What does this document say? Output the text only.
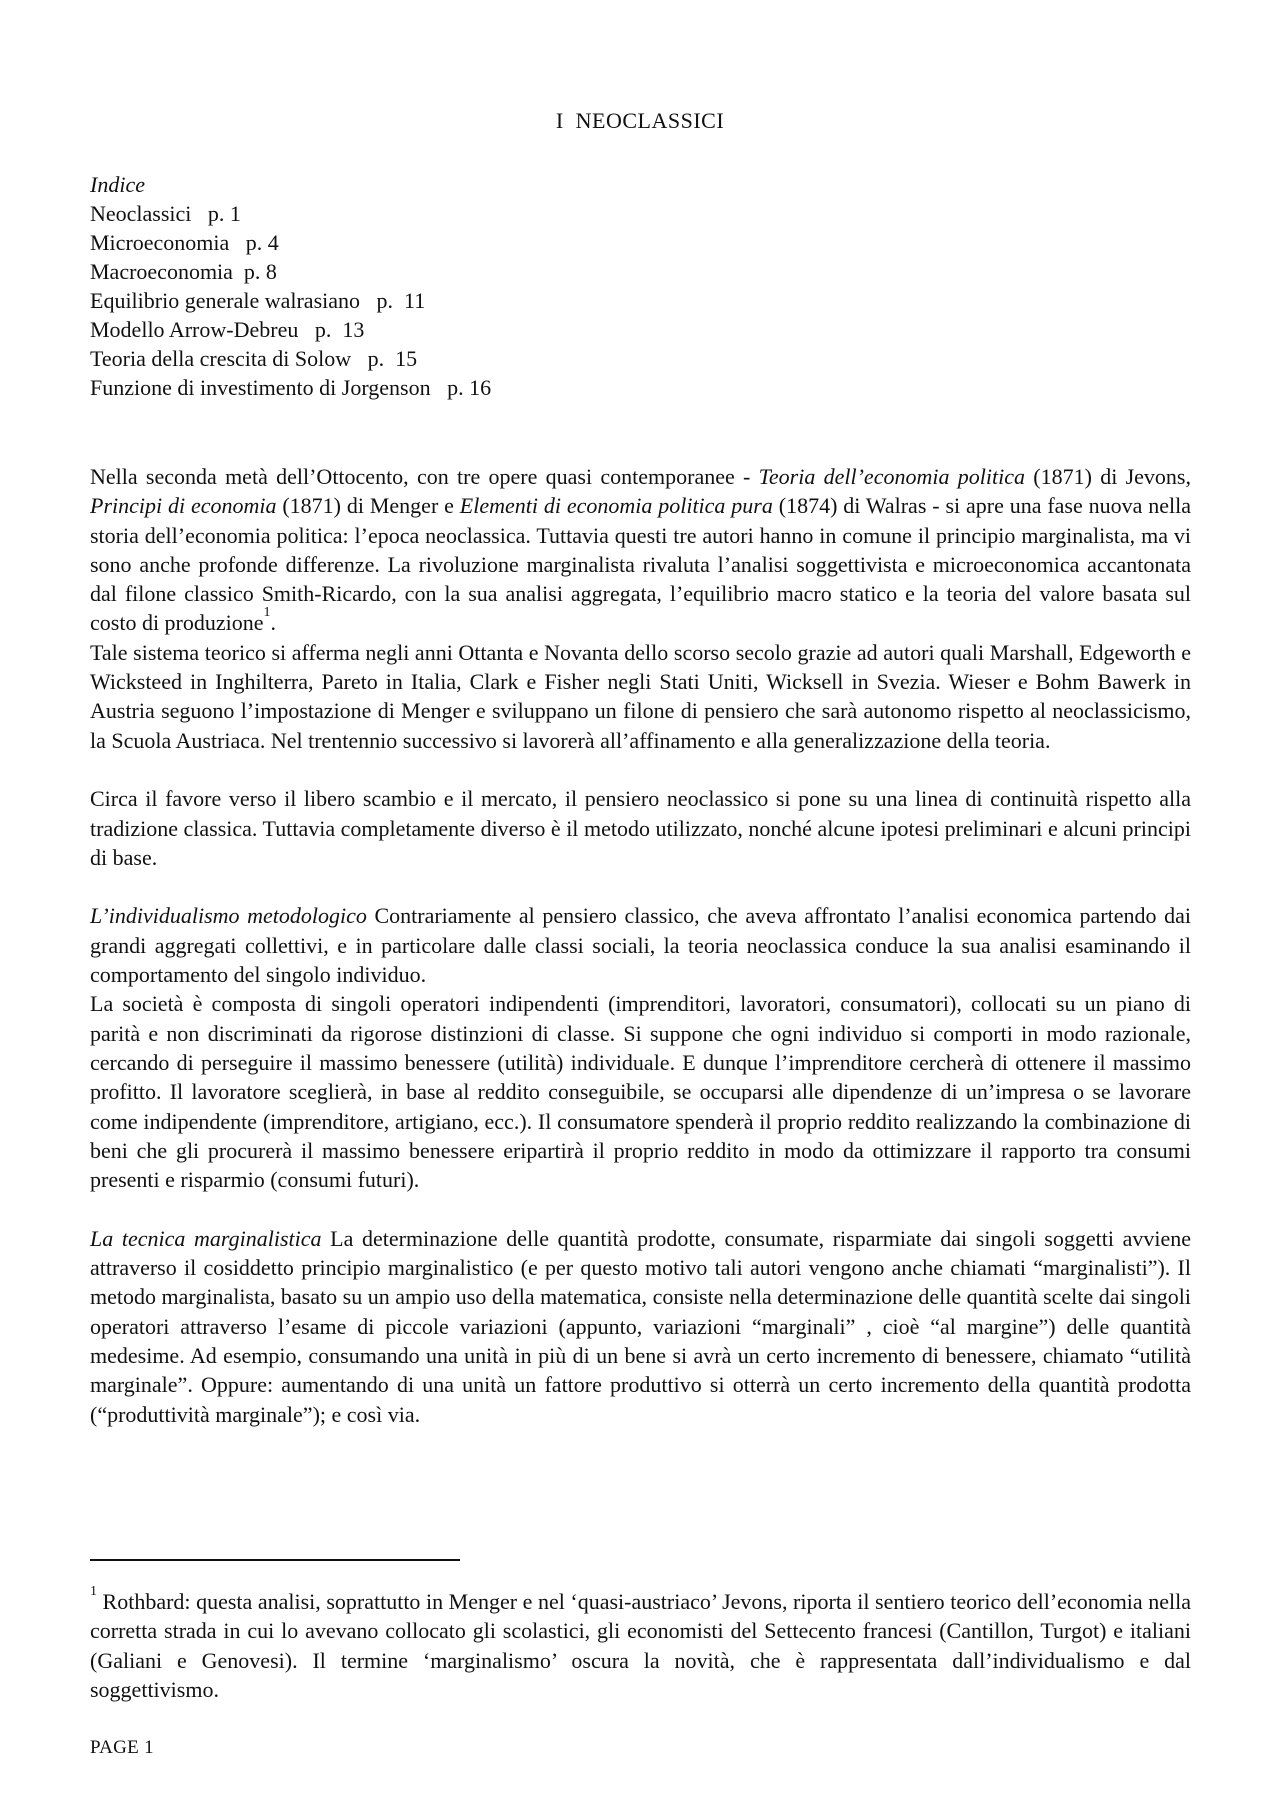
I NEOCLASSICI
Indice
Neoclassici   p. 1
Microeconomia   p. 4
Macroeconomia  p. 8
Equilibrio generale walrasiano   p.  11
Modello Arrow-Debreu   p.  13
Teoria della crescita di Solow   p.  15
Funzione di investimento di Jorgenson   p. 16

Nella seconda metà dell’Ottocento, con tre opere quasi contemporanee - Teoria dell’economia politica (1871) di Jevons, Principi di economia (1871) di Menger e Elementi di economia politica pura (1874) di Walras - si apre una fase nuova nella storia dell’economia politica: l’epoca neoclassica. Tuttavia questi tre autori hanno in comune il principio marginalista, ma vi sono anche profonde differenze. La rivoluzione marginalista rivaluta l’analisi soggettivista e microeconomica accantonata dal filone classico Smith-Ricardo, con la sua analisi aggregata, l’equilibrio macro statico e la teoria del valore basata sul costo di produzione$^1$.

Tale sistema teorico si afferma negli anni Ottanta e Novanta dello scorso secolo grazie ad autori quali Marshall, Edgeworth e Wicksteed in Inghilterra, Pareto in Italia, Clark e Fisher negli Stati Uniti, Wicksell in Svezia. Wieser e Bohm Bawerk in Austria seguono l’impostazione di Menger e sviluppano un filone di pensiero che sarà autonomo rispetto al neoclassicismo, la Scuola Austriaca. Nel trentennio successivo si lavorerà all’affinamento e alla generalizzazione della teoria.

Circa il favore verso il libero scambio e il mercato, il pensiero neoclassico si pone su una linea di continuità rispetto alla tradizione classica. Tuttavia completamente diverso è il metodo utilizzato, nonché alcune ipotesi preliminari e alcuni principi di base.

L’individualismo metodologico Contrariamente al pensiero classico, che aveva affrontato l’analisi economica partendo dai grandi aggregati collettivi, e in particolare dalle classi sociali, la teoria neoclassica conduce la sua analisi esaminando il comportamento del singolo individuo.

La società è composta di singoli operatori indipendenti (imprenditori, lavoratori, consumatori), collocati su un piano di parità e non discriminati da rigorose distinzioni di classe. Si suppone che ogni individuo si comporti in modo razionale, cercando di perseguire il massimo benessere (utilità) individuale. E dunque l’imprenditore cercherà di ottenere il massimo profitto. Il lavoratore sceglierà, in base al reddito conseguibile, se occuparsi alle dipendenze di un’impresa o se lavorare come indipendente (imprenditore, artigiano, ecc.). Il consumatore spenderà il proprio reddito realizzando la combinazione di beni che gli procurerà il massimo benessere eripartirà il proprio reddito in modo da ottimizzare il rapporto tra consumi presenti e risparmio (consumi futuri).

La tecnica marginalistica La determinazione delle quantità prodotte, consumate, risparmiate dai singoli soggetti avviene attraverso il cosiddetto principio marginalistico (e per questo motivo tali autori vengono anche chiamati “marginalisti”). Il metodo marginalista, basato su un ampio uso della matematica, consiste nella determinazione delle quantità scelte dai singoli operatori attraverso l’esame di piccole variazioni (appunto, variazioni “marginali” , cioè “al margine”) delle quantità medesime. Ad esempio, consumando una unità in più di un bene si avrà un certo incremento di benessere, chiamato “utilità marginale”. Oppure: aumentando di una unità un fattore produttivo si otterrà un certo incremento della quantità prodotta (“produttività marginale”); e così via.

$^1$ Rothbard: questa analisi, soprattutto in Menger e nel ‘quasi-austriaco’ Jevons, riporta il sentiero teorico dell’economia nella corretta strada in cui lo avevano collocato gli scolastici, gli economisti del Settecento francesi (Cantillon, Turgot) e italiani (Galiani e Genovesi). Il termine ‘marginalismo’ oscura la novità, che è rappresentata dall’individualismo e dal soggettivismo.
PAGE 1
